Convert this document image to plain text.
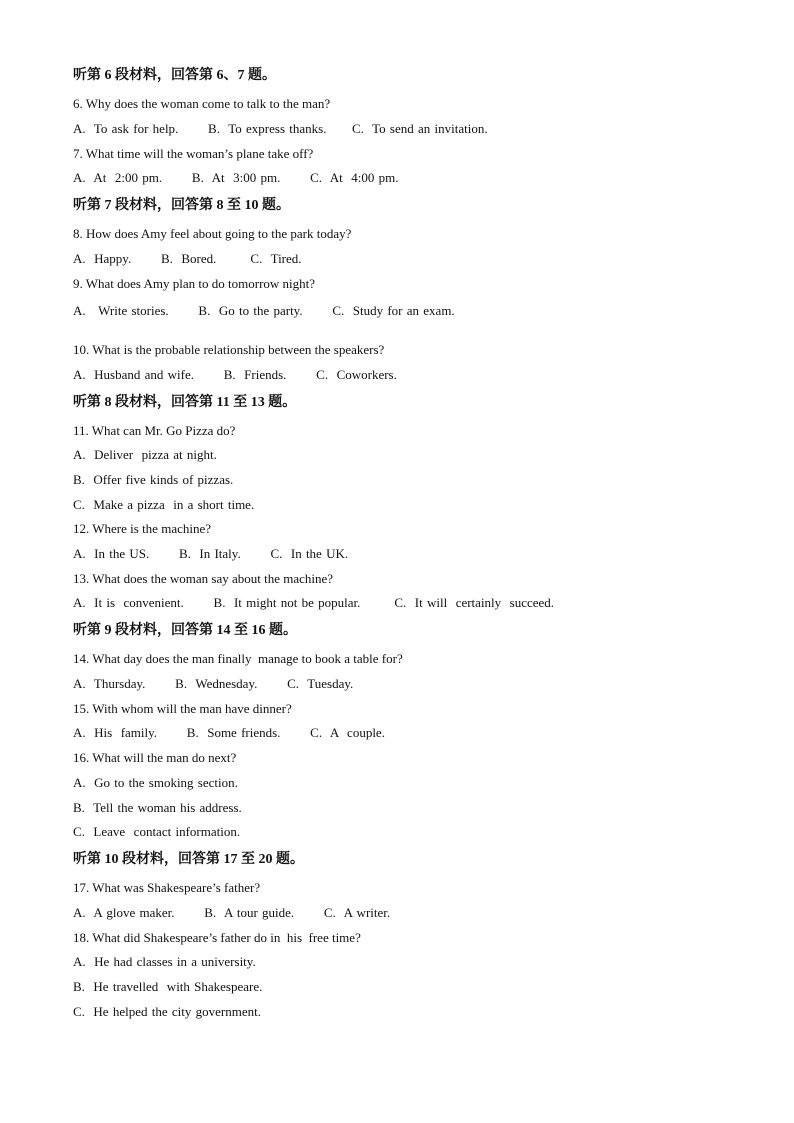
听第 6 段材料，回答第 6、7 题。
6. Why does the woman come to talk to the man?
A.  To ask for help.       B.  To express thanks.      C.  To send an invitation.
7. What time will the woman’s plane take off?
A.  At  2:00 pm.       B.  At  3:00 pm.       C.  At  4:00 pm.
听第 7 段材料，回答第 8 至 10 题。
8. How does Amy feel about going to the park today?
A.  Happy.       B.  Bored.        C.  Tired.
9. What does Amy plan to do tomorrow night?
A.   Write stories.       B.  Go to the party.       C.  Study for an exam.
10. What is the probable relationship between the speakers?
A.  Husband and wife.       B.  Friends.       C.  Coworkers.
听第 8 段材料，回答第 11 至 13 题。
11. What can Mr. Go Pizza do?
A.  Deliver  pizza at night.
B.  Offer five kinds of pizzas.
C.  Make a pizza  in a short time.
12. Where is the machine?
A.  In the US.       B.  In Italy.       C.  In the UK.
13. What does the woman say about the machine?
A.  It is  convenient.       B.  It might not be popular.        C.  It will  certainly  succeed.
听第 9 段材料，回答第 14 至 16 题。
14. What day does the man finally  manage to book a table for?
A.  Thursday.       B.  Wednesday.       C.  Tuesday.
15. With whom will the man have dinner?
A.  His  family.       B.  Some friends.       C.  A  couple.
16. What will the man do next?
A.  Go to the smoking section.
B.  Tell the woman his address.
C.  Leave  contact information.
听第 10 段材料，回答第 17 至 20 题。
17. What was Shakespeare’s father?
A.  A glove maker.       B.  A tour guide.       C.  A writer.
18. What did Shakespeare’s father do in  his  free time?
A.  He had classes in a university.
B.  He travelled  with Shakespeare.
C.  He helped the city government.
